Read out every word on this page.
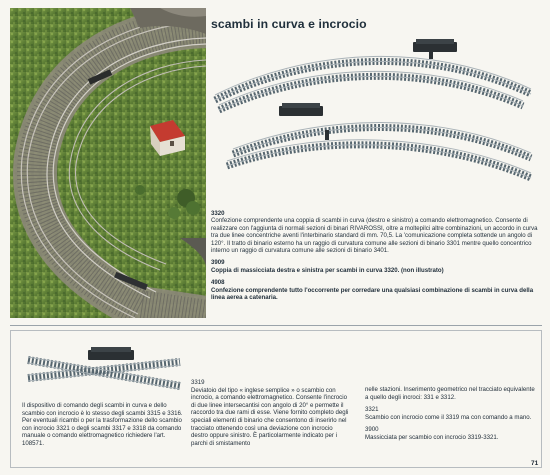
scambi in curva e incrocio
3320
Confezione comprendente una coppia di scambi in curva (destro e sinistro) a comando elettromagnetico. Consente di realizzare con l'aggiunta di normali sezioni di binari RIVAROSSI, oltre a moltepilci altre combinazioni, un accordo in curva tra due linee concentriche aventi l'interbinario standard di mm. 70,5. La 'comunicazione completa sottende un angolo di 120°. Il tratto di binario esterno ha un raggio di curvatura comune alle sezioni di binario 3301 mentre quello concentrico interno un raggio di curvatura comune alle sezioni di binario 3401.
3909
Coppia di massicciata destra e sinistra per scambi in curva 3320. (non illustrato)
4908
Confezione comprendente tutto l'occorrente per corredare una qualsiasi combinazione di scambi in curva della linea aerea a catenaria.
Il dispositivo di comando degli scambi in curva e dello scambio con incrocio è lo stesso degli scambi 3315 e 3316. Per eventuali ricambi o per la trasformazione dello scambio con incrocio 3321 o degli scambi 3317 e 3318 da comando manuale o comando elettromagnetico richiedere l'art. 108571.
3319
Deviatoio del tipo « inglese semplice » o scambio con incrocio, a comando elettromagnetico. Consente l'incrocio di due linee intersecantisi con angolo di 20° e permette il raccordo tra due rami di esse. Viene fornito completo degli speciali elementi di binario che consentono di inserirlo nel tracciato ottenendo così una deviazione con incrocio destro oppure sinistro. È particolarmente indicato per i parchi di smistamento
nelle stazioni. Inserimento geometrico nel tracciato equivalente a quello degli incroci: 331 e 3312.
3321
Scambio con incrocio come il 3319 ma con comando a mano.
3900
Massicciata per scambio con incrocio 3319-3321.
71
